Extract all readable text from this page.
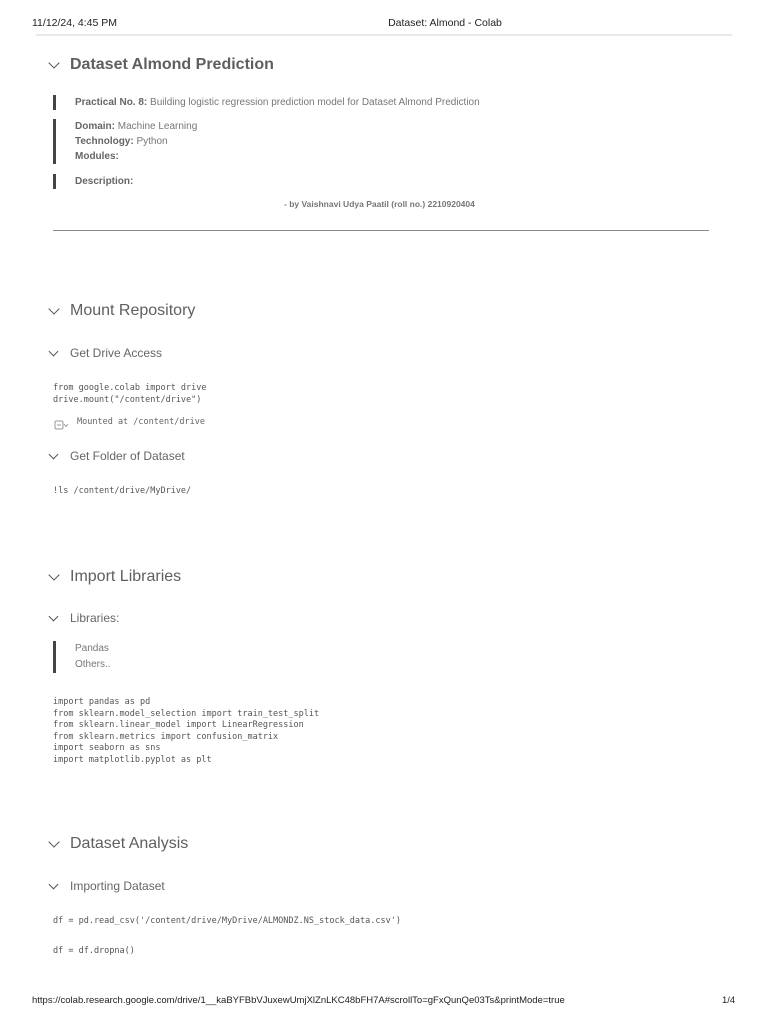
11/12/24, 4:45 PM	Dataset: Almond - Colab
Dataset Almond Prediction
Practical No. 8: Building logistic regression prediction model for Dataset Almond Prediction
Domain: Machine Learning
Technology: Python
Modules:
Description:
- by Vaishnavi Udya Paatil (roll no.) 2210920404
Mount Repository
Get Drive Access
from google.colab import drive
drive.mount("/content/drive")
Mounted at /content/drive
Get Folder of Dataset
!ls /content/drive/MyDrive/
Import Libraries
Libraries:
Pandas
Others..
import pandas as pd
from sklearn.model_selection import train_test_split
from sklearn.linear_model import LinearRegression
from sklearn.metrics import confusion_matrix
import seaborn as sns
import matplotlib.pyplot as plt
Dataset Analysis
Importing Dataset
df = pd.read_csv('/content/drive/MyDrive/ALMONDZ.NS_stock_data.csv')
df = df.dropna()
https://colab.research.google.com/drive/1__kaBYFBbVJuxewUmjXlZnLKC48bFH7A#scrollTo=gFxQunQe03Ts&printMode=true	1/4
